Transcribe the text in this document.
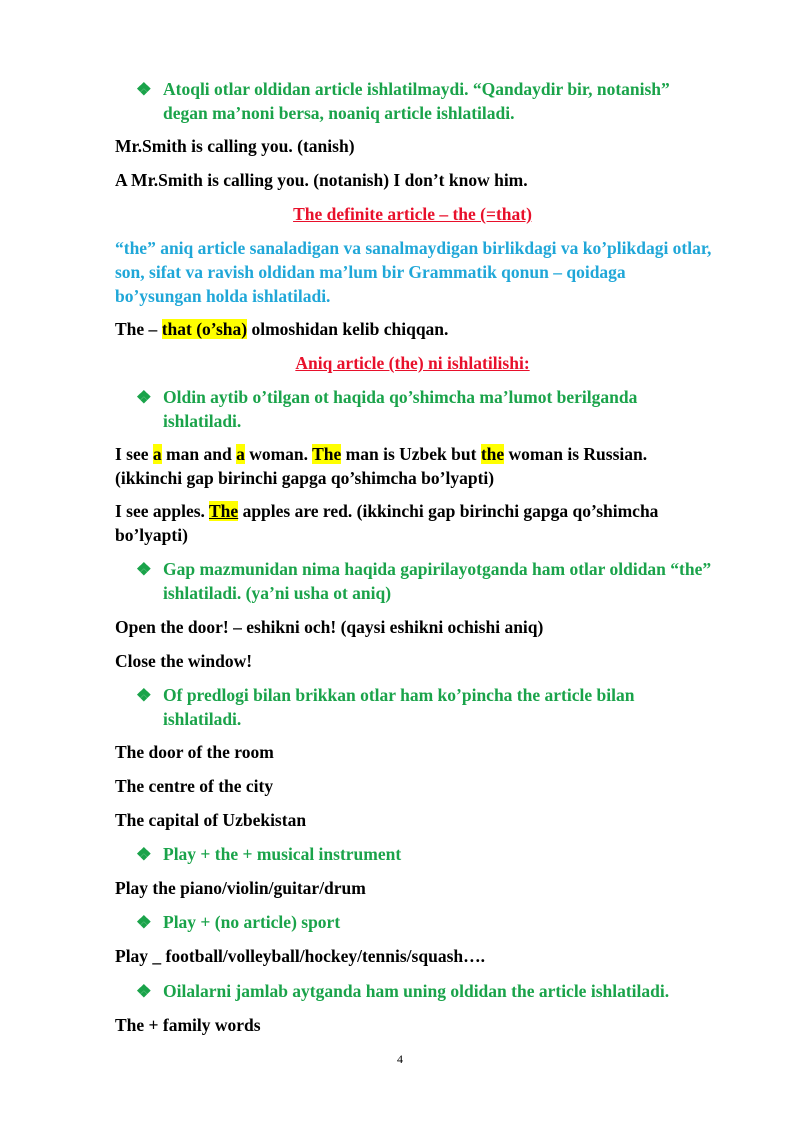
❖ Atoqli otlar oldidan article ishlatilmaydi. “Qandaydir bir, notanish” degan ma’noni bersa, noaniq article ishlatiladi.

Mr.Smith is calling you. (tanish)

A Mr.Smith is calling you. (notanish) I don’t know him.

The definite article – the (=that)

“the” aniq article sanaladigan va sanalmaydigan birlikdagi va ko’plikdagi otlar, son, sifat va ravish oldidan ma’lum bir Grammatik qonun – qoidaga bo’ysungan holda ishlatiladi.

The – that (o’sha) olmoshidan kelib chiqqan.

Aniq article (the) ni ishlatilishi:

❖ Oldin aytib o’tilgan ot haqida qo’shimcha ma’lumot berilganda ishlatiladi.

I see a man and a woman. The man is Uzbek but the woman is Russian. (ikkinchi gap birinchi gapga qo’shimcha bo’lyapti)

I see apples. The apples are red. (ikkinchi gap birinchi gapga qo’shimcha bo’lyapti)

❖ Gap mazmunidan nima haqida gapirilayotganda ham otlar oldidan “the” ishlatiladi. (ya’ni usha ot aniq)

Open the door! – eshikni och! (qaysi eshikni ochishi aniq)

Close the window!

❖ Of predlogi bilan brikkan otlar ham ko’pincha the article bilan ishlatiladi.

The door of the room

The centre of the city

The capital of Uzbekistan

❖ Play + the + musical instrument

Play the piano/violin/guitar/drum

❖ Play + (no article) sport

Play _ football/volleyball/hockey/tennis/squash….

❖ Oilalarni jamlab aytganda ham uning oldidan the article ishlatiladi.

The + family words

4
